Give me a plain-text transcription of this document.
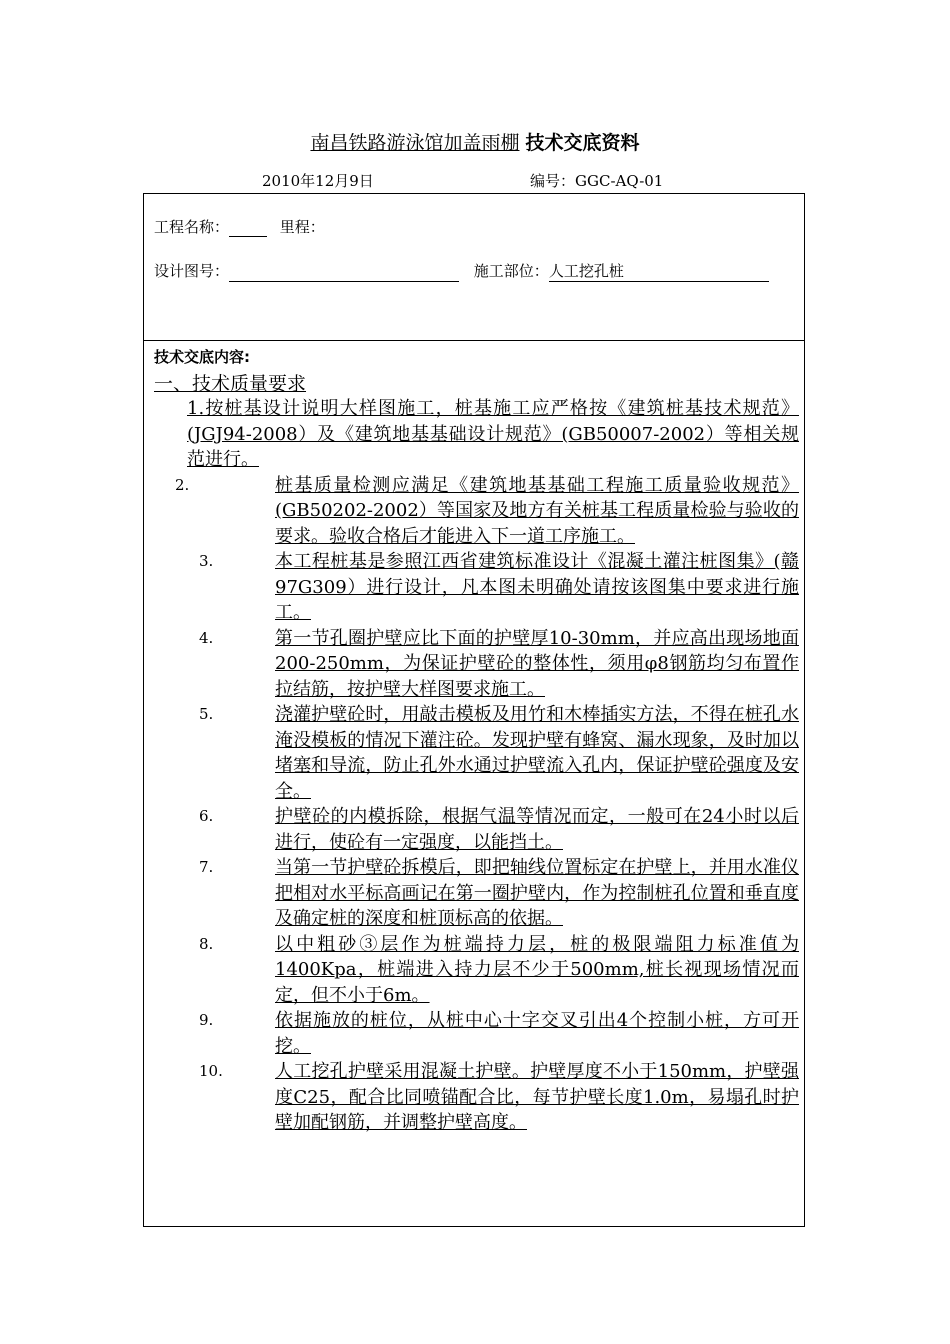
南昌铁路游泳馆加盖雨棚 技术交底资料
2010年12月9日	编号：GGC-AQ-01
工程名称：	里程：
设计图号：	施工部位：人工挖孔桩
技术交底内容:
一、技术质量要求
1.按桩基设计说明大样图施工，桩基施工应严格按《建筑桩基技术规范》(JGJ94-2008）及《建筑地基基础设计规范》(GB50007-2002）等相关规范进行。
2.	桩基质量检测应满足《建筑地基基础工程施工质量验收规范》(GB50202-2002）等国家及地方有关桩基工程质量检验与验收的要求。验收合格后才能进入下一道工序施工。
3.	本工程桩基是参照江西省建筑标准设计《混凝土灌注桩图集》(赣97G309）进行设计，凡本图未明确处请按该图集中要求进行施工。
4.	第一节孔圈护壁应比下面的护壁厚10-30mm，并应高出现场地面200-250mm，为保证护壁砼的整体性，须用φ8钢筋均匀布置作拉结筋，按护壁大样图要求施工。
5.	浇灌护壁砼时，用敲击模板及用竹和木棒插实方法，不得在桩孔水淹没模板的情况下灌注砼。发现护壁有蜂窝、漏水现象，及时加以堵塞和导流，防止孔外水通过护壁流入孔内，保证护壁砼强度及安全。
6.	护壁砼的内模拆除，根据气温等情况而定，一般可在24小时以后进行，使砼有一定强度，以能挡土。
7.	当第一节护壁砼拆模后，即把轴线位置标定在护壁上，并用水准仪把相对水平标高画记在第一圈护壁内，作为控制桩孔位置和垂直度及确定桩的深度和桩顶标高的依据。
8.	以中粗砂③层作为桩端持力层，桩的极限端阻力标准值为1400Kpa，桩端进入持力层不少于500mm,桩长视现场情况而定，但不小于6m。
9.	依据施放的桩位，从桩中心十字交叉引出4个控制小桩，方可开挖。
10.	人工挖孔护壁采用混凝土护壁。护壁厚度不小于150mm，护壁强度C25，配合比同喷锚配合比，每节护壁长度1.0m，易塌孔时护壁加配钢筋，并调整护壁高度。
